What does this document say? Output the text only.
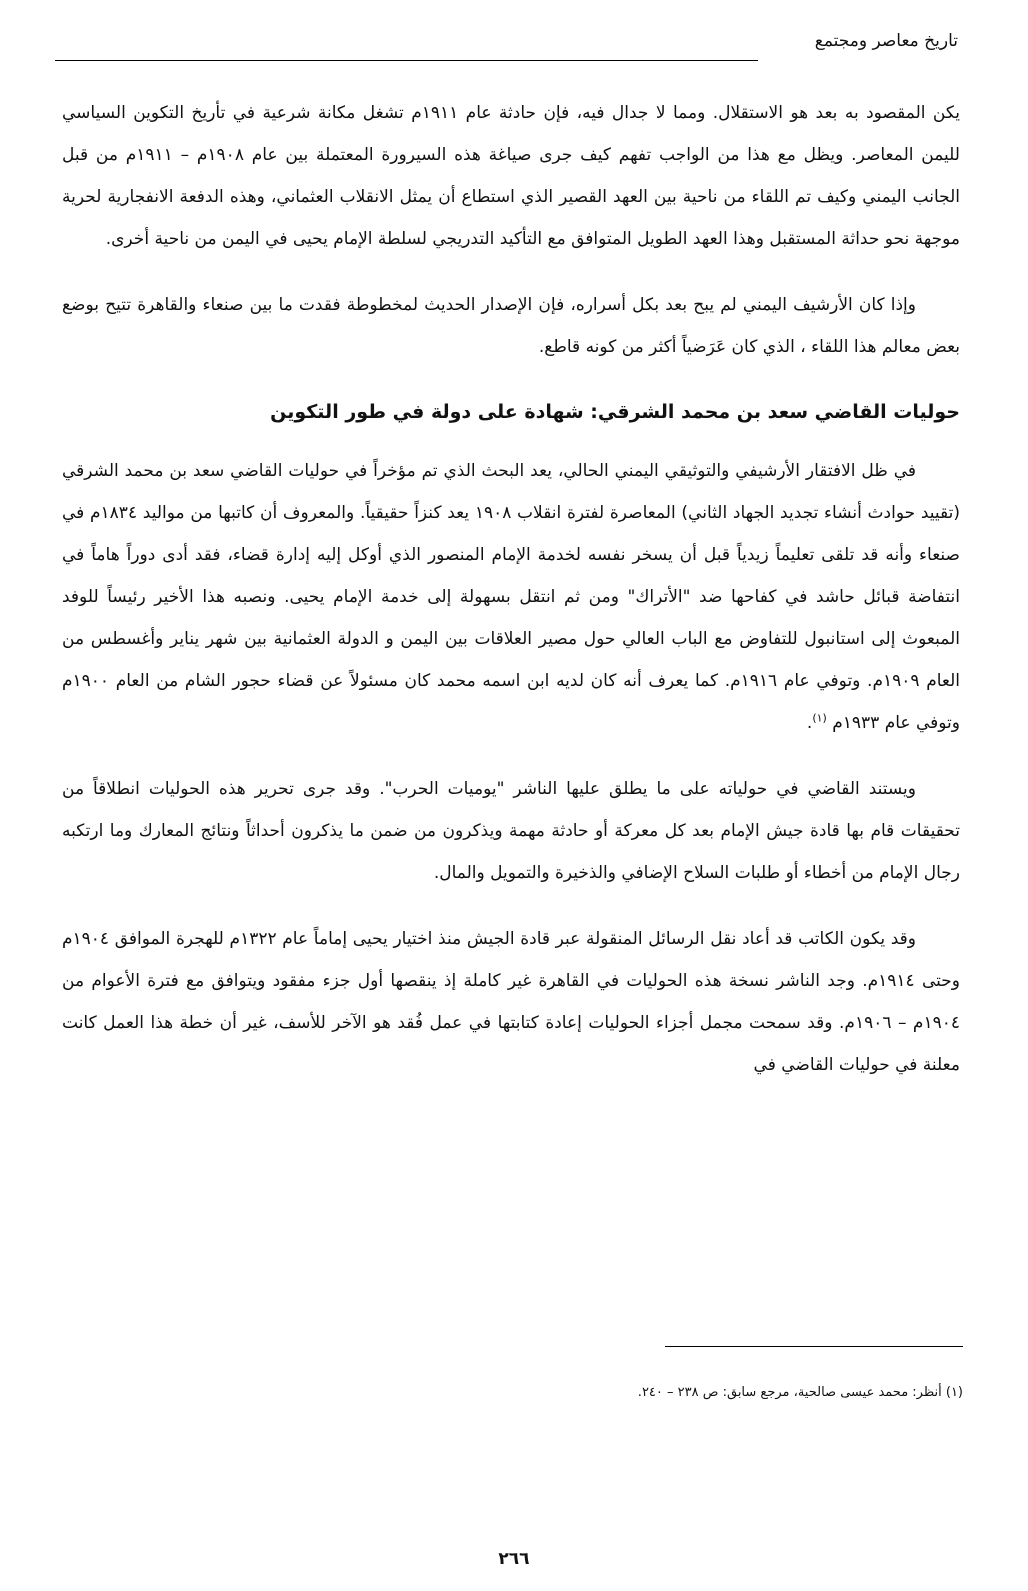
تاريخ معاصر ومجتمع

يكن المقصود به بعد هو الاستقلال. ومما لا جدال فيه، فإن حادثة عام ١٩١١م تشغل مكانة شرعية في تأريخ التكوين السياسي لليمن المعاصر. ويظل مع هذا من الواجب تفهم كيف جرى صياغة هذه السيرورة المعتملة بين عام ١٩٠٨م – ١٩١١م من قبل الجانب اليمني وكيف تم اللقاء من ناحية بين العهد القصير الذي استطاع أن يمثل الانقلاب العثماني، وهذه الدفعة الانفجارية لحرية موجهة نحو حداثة المستقبل وهذا العهد الطويل المتوافق مع التأكيد التدريجي لسلطة الإمام يحيى في اليمن من ناحية أخرى.

وإذا كان الأرشيف اليمني لم يبح بعد بكل أسراره، فإن الإصدار الحديث لمخطوطة فقدت ما بين صنعاء والقاهرة تتيح بوضع بعض معالم هذا اللقاء ، الذي كان عَرَضياً أكثر من كونه قاطع.

حوليات القاضي سعد بن محمد الشرقي: شهادة على دولة في طور التكوين

في ظل الافتقار الأرشيفي والتوثيقي اليمني الحالي، يعد البحث الذي تم مؤخراً في حوليات القاضي سعد بن محمد الشرقي (تقييد حوادث أنشاء تجديد الجهاد الثاني) المعاصرة لفترة انقلاب ١٩٠٨ يعد كنزاً حقيقياً. والمعروف أن كاتبها من مواليد ١٨٣٤م في صنعاء وأنه قد تلقى تعليماً زيدياً قبل أن يسخر نفسه لخدمة الإمام المنصور الذي أوكل إليه إدارة قضاء، فقد أدى دوراً هاماً في انتفاضة قبائل حاشد في كفاحها ضد "الأتراك" ومن ثم انتقل بسهولة إلى خدمة الإمام يحيى. ونصبه هذا الأخير رئيساً للوفد المبعوث إلى استانبول للتفاوض مع الباب العالي حول مصير العلاقات بين اليمن و الدولة العثمانية بين شهر يناير وأغسطس من العام ١٩٠٩م. وتوفي عام ١٩١٦م. كما يعرف أنه كان لديه ابن اسمه محمد كان مسئولاً عن قضاء حجور الشام من العام ١٩٠٠م وتوفي عام ١٩٣٣م $^{(١)}$.

ويستند القاضي في حولياته على ما يطلق عليها الناشر "يوميات الحرب". وقد جرى تحرير هذه الحوليات انطلاقاً من تحقيقات قام بها قادة جيش الإمام بعد كل معركة أو حادثة مهمة ويذكرون من ضمن ما يذكرون أحداثاً ونتائج المعارك وما ارتكبه رجال الإمام من أخطاء أو طلبات السلاح الإضافي والذخيرة والتمويل والمال.

وقد يكون الكاتب قد أعاد نقل الرسائل المنقولة عبر قادة الجيش منذ اختيار يحيى إماماً عام ١٣٢٢م للهجرة الموافق ١٩٠٤م وحتى ١٩١٤م. وجد الناشر نسخة هذه الحوليات في القاهرة غير كاملة إذ ينقصها أول جزء مفقود ويتوافق مع فترة الأعوام من ١٩٠٤م – ١٩٠٦م. وقد سمحت مجمل أجزاء الحوليات إعادة كتابتها في عمل فُقد هو الآخر للأسف، غير أن خطة هذا العمل كانت معلنة في حوليات القاضي في

(١) أنظر: محمد عيسى صالحية، مرجع سابق: ص ٢٣٨ – ٢٤٠.
٢٦٦
